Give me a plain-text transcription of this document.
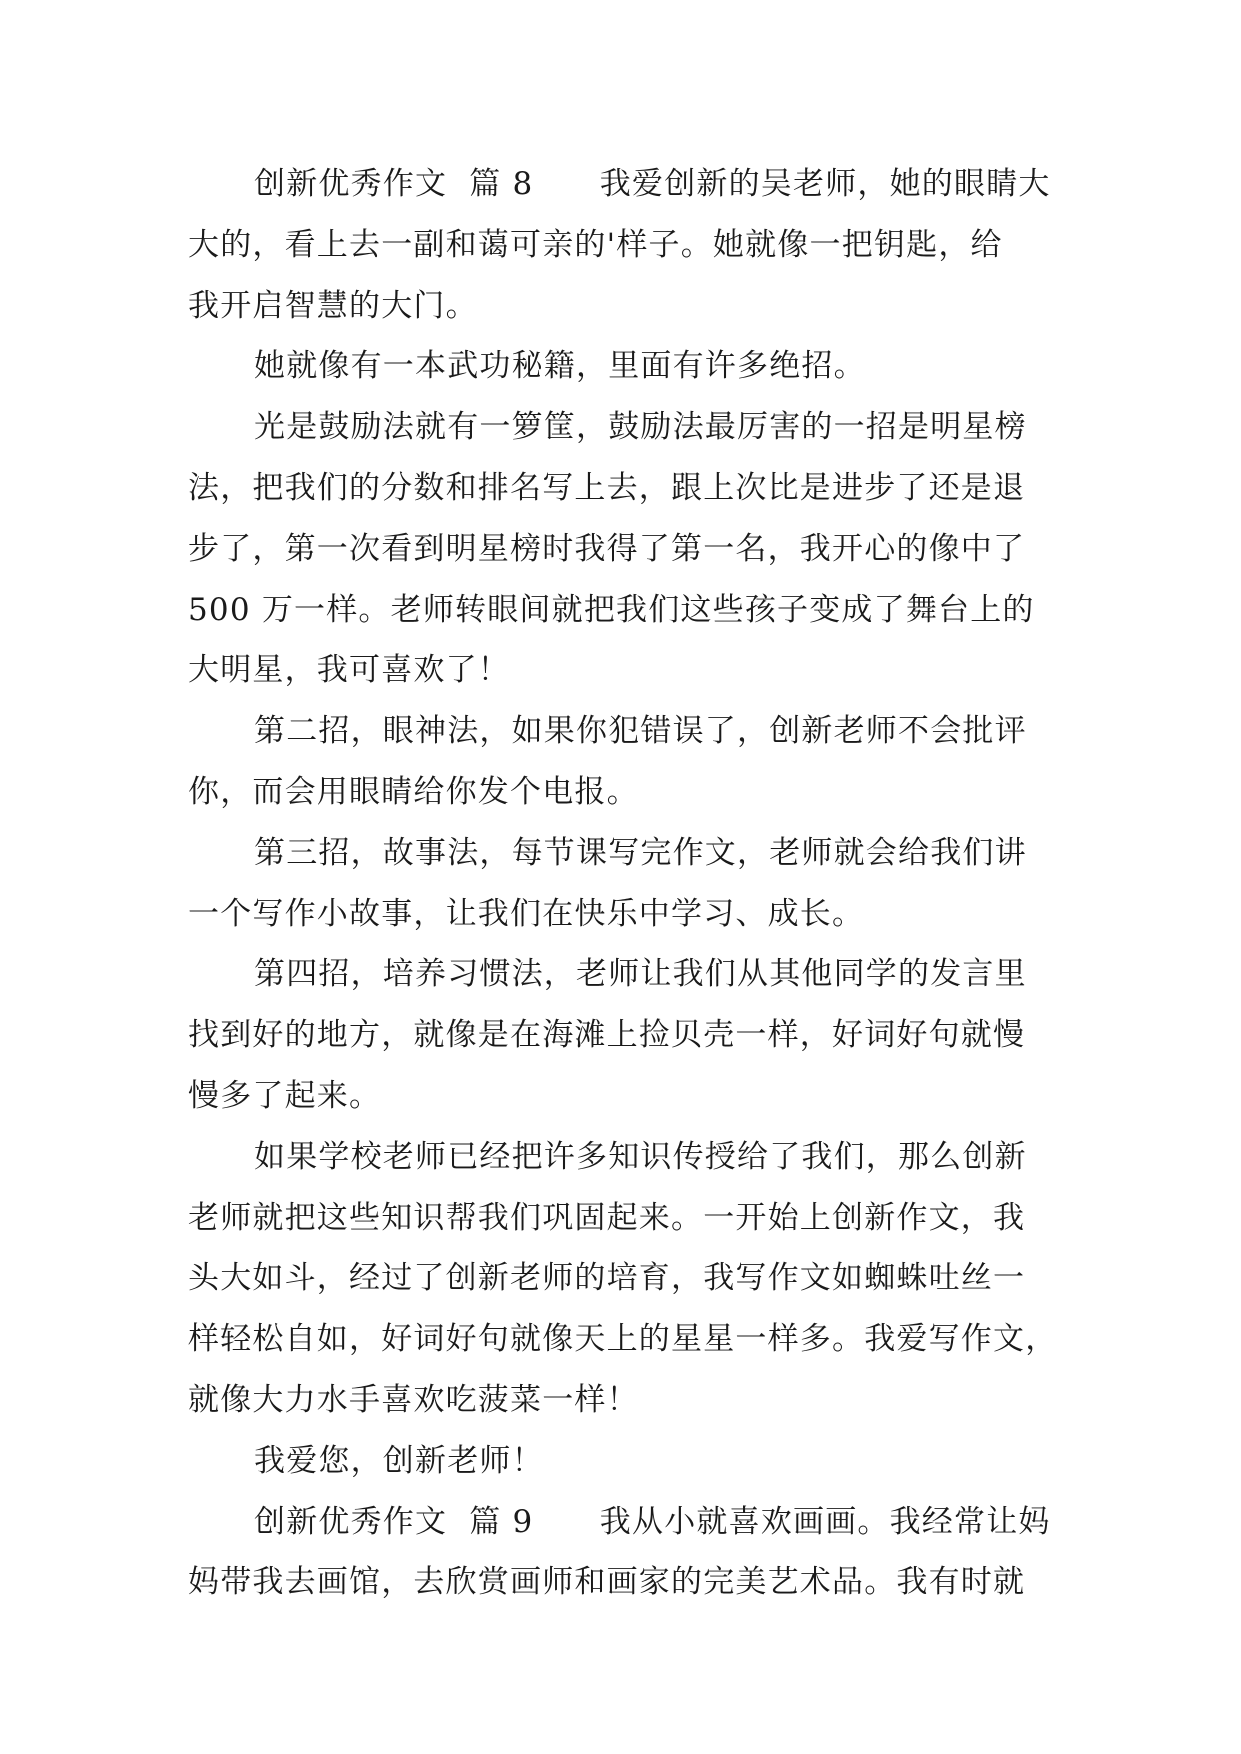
创新优秀作文  篇 8      我爱创新的吴老师，她的眼睛大
大的，看上去一副和蔼可亲的'样子。她就像一把钥匙，给
我开启智慧的大门。
她就像有一本武功秘籍，里面有许多绝招。
光是鼓励法就有一箩筐，鼓励法最厉害的一招是明星榜
法，把我们的分数和排名写上去，跟上次比是进步了还是退
步了，第一次看到明星榜时我得了第一名，我开心的像中了
500 万一样。老师转眼间就把我们这些孩子变成了舞台上的
大明星，我可喜欢了！
第二招，眼神法，如果你犯错误了，创新老师不会批评
你，而会用眼睛给你发个电报。
第三招，故事法，每节课写完作文，老师就会给我们讲
一个写作小故事，让我们在快乐中学习、成长。
第四招，培养习惯法，老师让我们从其他同学的发言里
找到好的地方，就像是在海滩上捡贝壳一样，好词好句就慢
慢多了起来。
如果学校老师已经把许多知识传授给了我们，那么创新
老师就把这些知识帮我们巩固起来。一开始上创新作文，我
头大如斗，经过了创新老师的培育，我写作文如蜘蛛吐丝一
样轻松自如，好词好句就像天上的星星一样多。我爱写作文，
就像大力水手喜欢吃菠菜一样！
我爱您，创新老师！
创新优秀作文  篇 9      我从小就喜欢画画。我经常让妈
妈带我去画馆，去欣赏画师和画家的完美艺术品。我有时就
